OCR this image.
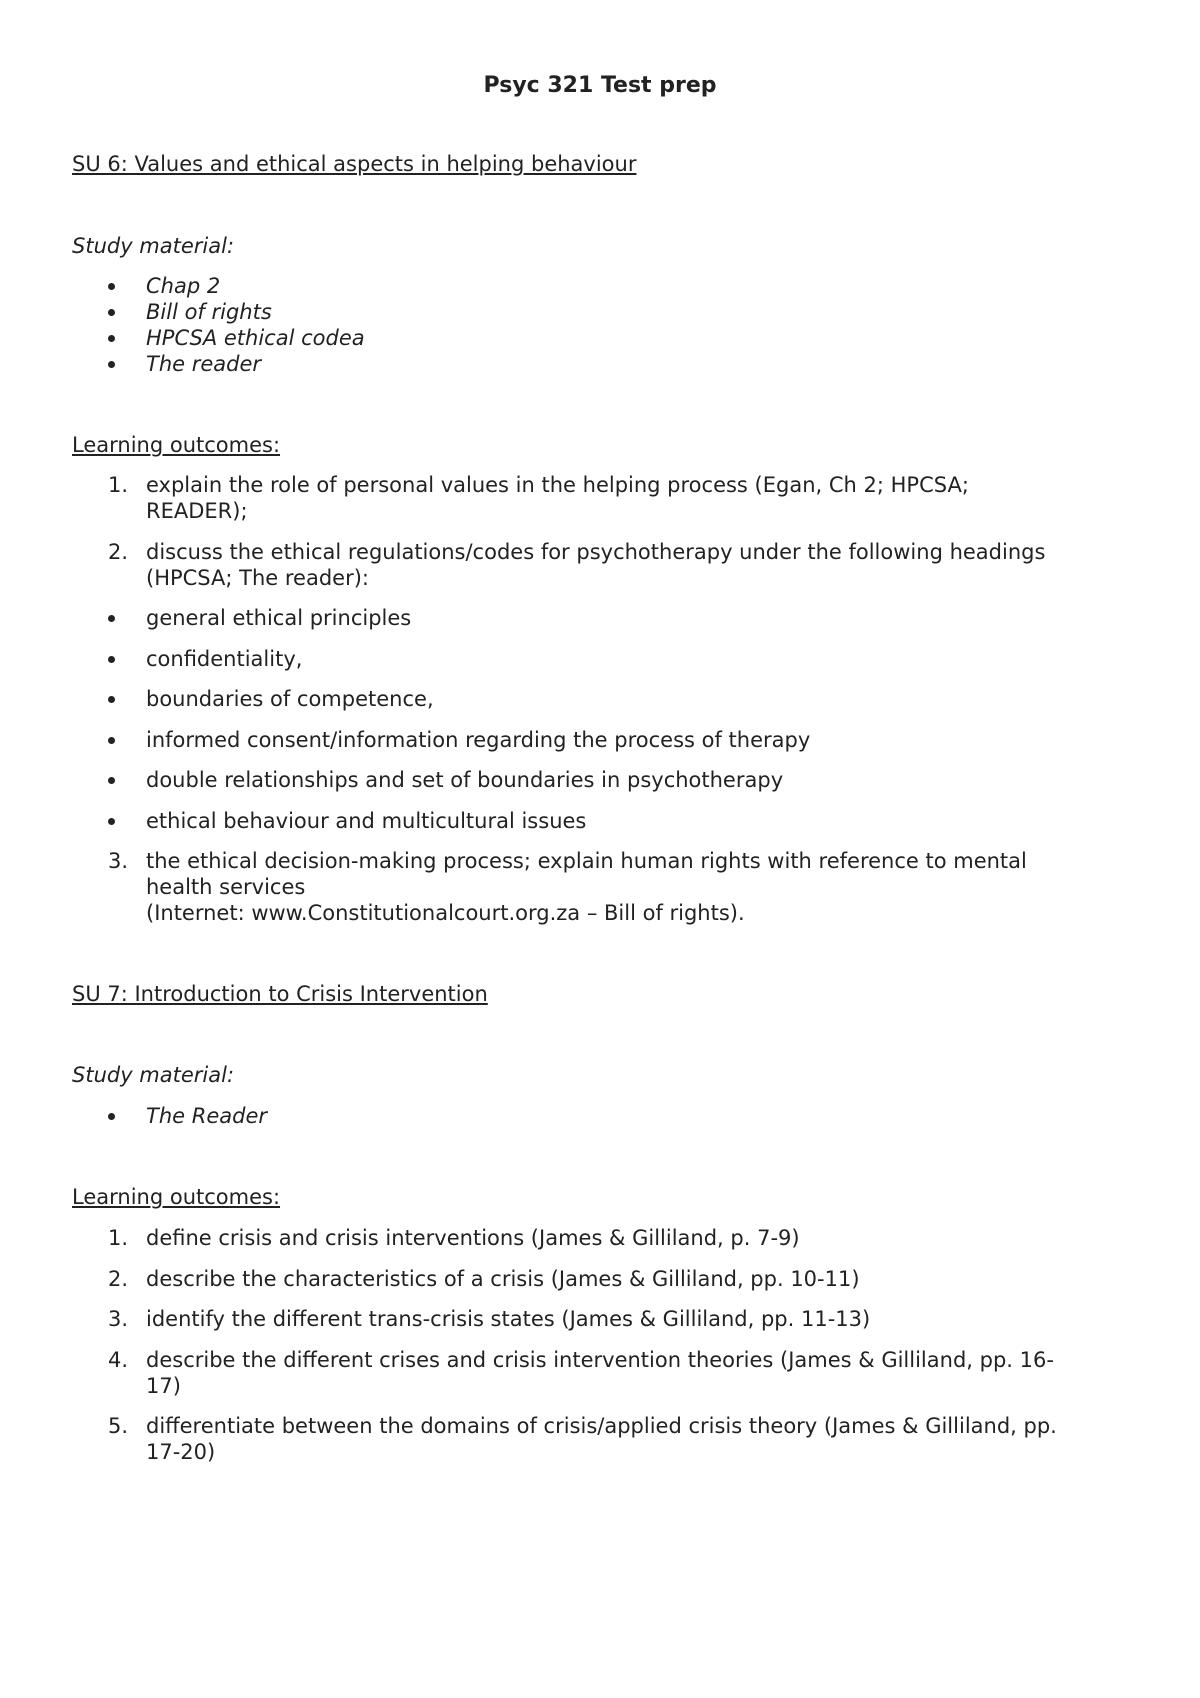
Psyc 321 Test prep
SU 6: Values and ethical aspects in helping behaviour
Study material:
Chap 2
Bill of rights
HPCSA ethical codea
The reader
Learning outcomes:
1. explain the role of personal values in the helping process (Egan, Ch 2; HPCSA;
READER);
2. discuss the ethical regulations/codes for psychotherapy under the following headings
(HPCSA; The reader):
general ethical principles
confidentiality,
boundaries of competence,
informed consent/information regarding the process of therapy
double relationships and set of boundaries in psychotherapy
ethical behaviour and multicultural issues
3. the ethical decision-making process; explain human rights with reference to mental
health services
(Internet: www.Constitutionalcourt.org.za – Bill of rights).
SU 7: Introduction to Crisis Intervention
Study material:
The Reader
Learning outcomes:
1. define crisis and crisis interventions (James & Gilliland, p. 7-9)
2. describe the characteristics of a crisis (James & Gilliland, pp. 10-11)
3. identify the different trans-crisis states (James & Gilliland, pp. 11-13)
4. describe the different crises and crisis intervention theories (James & Gilliland, pp. 16-
17)
5. differentiate between the domains of crisis/applied crisis theory (James & Gilliland, pp.
17-20)
